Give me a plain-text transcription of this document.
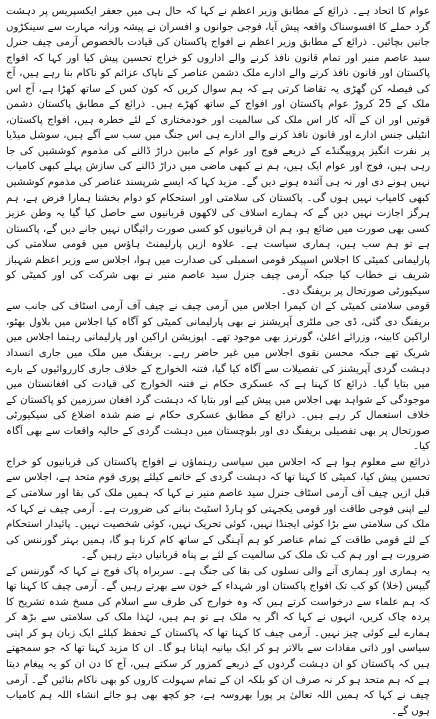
عوام کا اتحاد ہے۔ ذرائع کے مطابق وزیر اعظم نے کہا کہ حال ہی میں جعفر ایکسپریس پر دہشت گرد حملے کا افسوسناک واقعہ پیش آیا، فوجی جوانوں و افسران نے پیشہ ورانہ مہارت سے سینکڑوں جانیں بچائیں۔ ذرائع کے مطابق وزیر اعظم نے افواج پاکستان کی قیادت بالخصوص آرمی چیف جنرل سید عاصم منیر اور تمام قانون نافذ کرنے والے اداروں کو خراج تحسین پیش کیا اور کہا کہ افواج پاکستان اور قانون نافذ کرنے والے ادارے ملک دشمن عناصر کے ناپاک عزائم کو ناکام بنا رہے ہیں، آج کی فیصلہ کن گھڑی یہ تقاضا کرتی ہے کہ ہم سوال کریں کہ کون کس کے ساتھ کھڑا ہے، آج اس ملک کے 25 کروڑ عوام پاکستان اور افواج کے ساتھ کھڑے ہیں۔ ذرائع کے مطابق پاکستان دشمن قوتیں اور ان کے آلہ کار اس ملک کی سالمیت اور خودمختاری کے لئے خطرہ ہیں، افواج پاکستان، انٹیلی جنس ادارے اور قانون نافذ کرنے والے ادارے ہی اس جنگ میں سب سے آگے ہیں، سوشل میڈیا پر نفرت انگیز پروپیگنڈے کے ذریعے فوج اور عوام کے مابین دراڑ ڈالنے کی مذموم کوششیں کی جا رہی ہیں، فوج اور عوام ایک ہیں، ہم نے کبھی ماضی میں دراڑ ڈالنے کی سازش پہلے کبھی کامیاب نہیں ہونے دی اور نہ ہی آئندہ ہونے دیں گے۔ مزید کہا کہ ایسے شرپسند عناصر کی مذموم کوششیں کبھی کامیاب نہیں ہوں گی۔ پاکستان کی سلامتی اور استحکام کو دوام بخشنا ہمارا فرض ہے، ہم ہرگز اجازت نہیں دیں گے کہ ہمارے اسلاف کی لاکھوں قربانیوں سے حاصل کیا گیا یہ وطن عزیز کسی بھی صورت میں ضائع ہو، ہم ان قربانیوں کو کسی صورت رائیگاں نہیں جانے دیں گے، پاکستان ہے تو ہم سب ہیں، ہماری سیاست ہے۔ علاوہ ازیں پارلیمنٹ ہاؤس میں قومی سلامتی کی پارلیمانی کمیٹی کا اجلاس اسپیکر قومی اسمبلی کی صدارت میں ہوا، اجلاس سے وزیر اعظم شہباز شریف نے خطاب کیا جبکہ آرمی چیف جنرل سید عاصم منیر نے بھی شرکت کی اور کمیٹی کو سیکیورٹی صورتحال پر بریفنگ دی۔
قومی سلامتی کمیٹی کے ان کیمرا اجلاس میں آرمی چیف نے چیف آف آرمی اسٹاف کی جانب سے بریفنگ دی گئی، ڈی جی ملٹری آپریشنز نے بھی پارلیمانی کمیٹی کو آگاہ کیا اجلاس میں بلاول بھٹو، اراکین کابینہ، وزرائے اعلیٰ، گورنرز بھی موجود تھے۔ اپوزیشن اراکین اور پارلیمانی رہنما اجلاس میں شریک تھے جبکہ محسن نقوی اجلاس میں غیر حاضر رہے۔ بریفنگ میں ملک میں جاری انسداد دہشت گردی آپریشنز کی تفصیلات سے آگاہ کیا گیا، فتنہ الخوارج کے خلاف جاری کارروائیوں کے بارے میں بتایا گیا۔ ذرائع کا کہنا ہے کہ عسکری حکام نے فتنہ الخوارج کی قیادت کی افغانستان میں موجودگی کے شواہد بھی اجلاس میں پیش کیے اور بتایا کہ دہشت گرد افغان سرزمین کو پاکستان کے خلاف استعمال کر رہے ہیں۔ ذرائع کے مطابق عسکری حکام نے ضم شدہ اضلاع کی سیکیورٹی صورتحال پر بھی تفصیلی بریفنگ دی اور بلوچستان میں دہشت گردی کے حالیہ واقعات سے بھی آگاہ کیا۔
ذرائع سے معلوم ہوا ہے کہ اجلاس میں سیاسی رہنماؤں نے افواج پاکستان کی قربانیوں کو خراج تحسین پیش کیا، کمیٹی کا کہنا تھا کہ دہشت گردی کے خاتمے کیلئے پوری قوم متحد ہے، اجلاس سے قبل ازیں چیف آف آرمی اسٹاف جنرل سید عاصم منیر نے کہا کہ ہمیں ملک کی بقا اور سلامتی کے لیے اپنی فوجی طاقت اور قومی یکجہتی کو ہارڈ اسٹیٹ بنانے کی ضرورت ہے۔ آرمی چیف نے کہا کہ ملک کی سلامتی سے بڑا کوئی ایجنڈا نہیں، کوئی تحریک نہیں، کوئی شخصیت نہیں۔ پائیدار استحکام کے لئے قومی طاقت کے تمام عناصر کو ہم آہنگی کے ساتھ کام کرنا ہو گا، ہمیں بہتر گورننس کی ضرورت ہے اور ہم کب تک ملک کی سالمیت کے لئے بے پناہ قربانیاں دیتے رہیں گے۔
یہ ہماری اور ہماری آنے والی نسلوں کی بقا کی جنگ ہے۔ سربراہ پاک فوج نے کہا کہ گورننس کے گیپس (خلا) کو کب تک افواج پاکستان اور شہداء کے خون سے بھرتے رہیں گے۔ آرمی چیف کا کہنا تھا کہ ہم علماء سے درخواست کرتے ہیں کہ وہ خوارج کی طرف سے اسلام کی مسخ شدہ تشریح کا پردہ چاک کریں، انہوں نے کہا کہ اگر یہ ملک ہے تو ہم ہیں، لہٰذا ملک کی سلامتی سے بڑھ کر ہمارے لیے کوئی چیز نہیں۔ آرمی چیف کا کہنا تھا کہ پاکستان کے تحفظ کیلئے ایک زبان ہو کر اپنی سیاسی اور ذاتی مفادات سے بالاتر ہو کر ایک بیانیہ اپنانا ہو گا۔ ان کا مزید کہنا تھا کہ جو سمجھتے ہیں کہ پاکستان کو ان دہشت گردوں کے ذریعے کمزور کر سکتے ہیں، آج کا دن ان کو یہ پیغام دیتا ہے کہ ہم متحد ہو کر نہ صرف ان کو بلکہ ان کے تمام سہولت کاروں کو بھی ناکام بنائیں گے۔ آرمی چیف نے کہا کہ ہمیں اللہ تعالیٰ پر پورا بھروسہ ہے، جو کچھ بھی ہو جائے انشاء اللہ ہم کامیاب ہوں گے۔
